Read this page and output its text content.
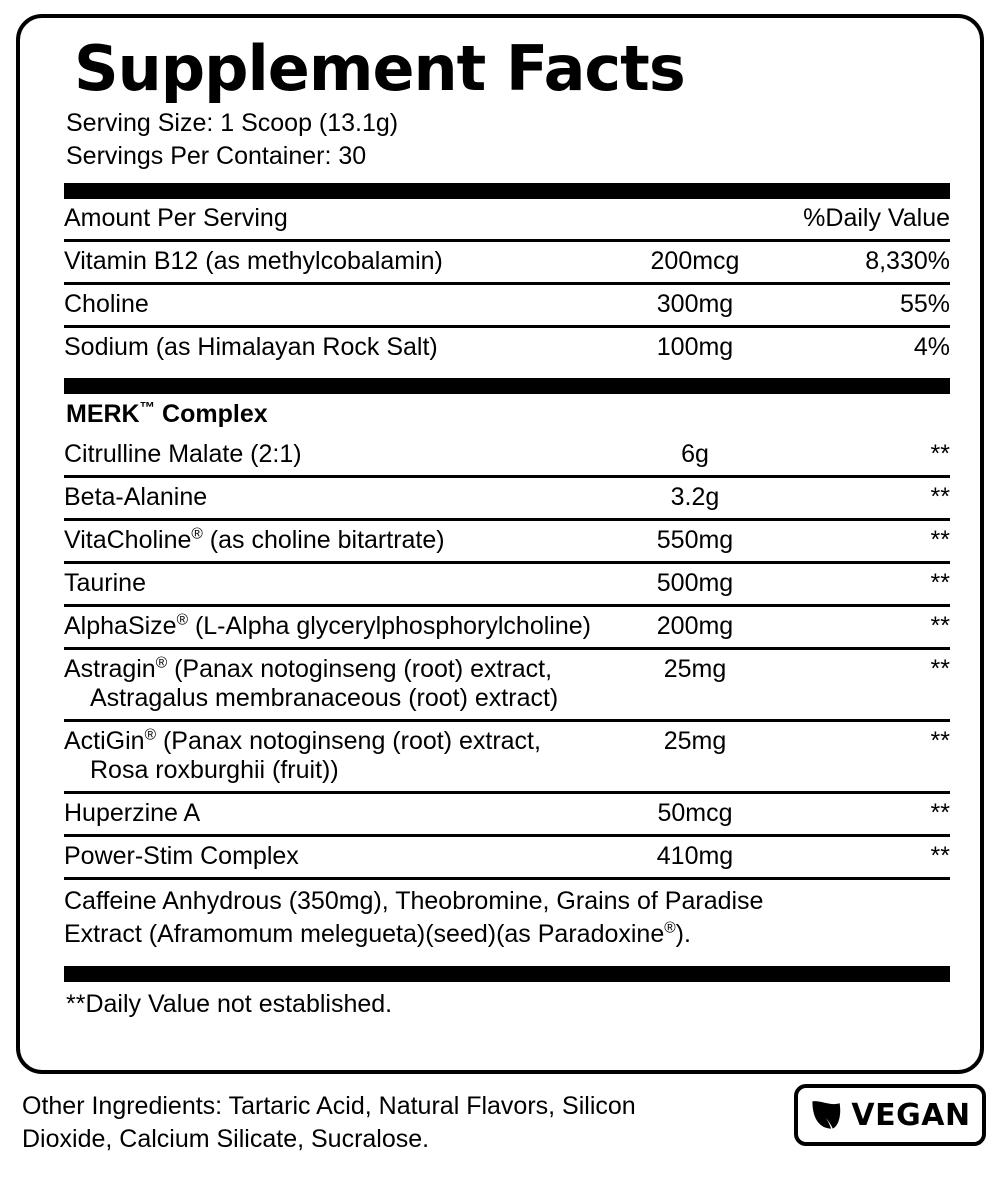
Supplement Facts
Serving Size: 1 Scoop (13.1g)
Servings Per Container: 30
Amount Per Serving		%Daily Value
Vitamin B12 (as methylcobalamin)	200mcg	8,330%
Choline	300mg	55%
Sodium (as Himalayan Rock Salt)	100mg	4%
MERK™ Complex
Citrulline Malate (2:1)	6g	**
Beta-Alanine	3.2g	**
VitaCholine® (as choline bitartrate)	550mg	**
Taurine	500mg	**
AlphaSize® (L-Alpha glycerylphosphorylcholine)	200mg	**
Astragin® (Panax notoginseng (root) extract,
Astragalus membranaceous (root) extract)	25mg	**
ActiGin® (Panax notoginseng (root) extract,
Rosa roxburghii (fruit))	25mg	**
Huperzine A	50mcg	**
Power-Stim Complex	410mg	**
Caffeine Anhydrous (350mg), Theobromine, Grains of Paradise
Extract (Aframomum melegueta)(seed)(as Paradoxine®).		
**Daily Value not established.
Other Ingredients: Tartaric Acid, Natural Flavors, Silicon Dioxide, Calcium Silicate, Sucralose.
VEGAN
